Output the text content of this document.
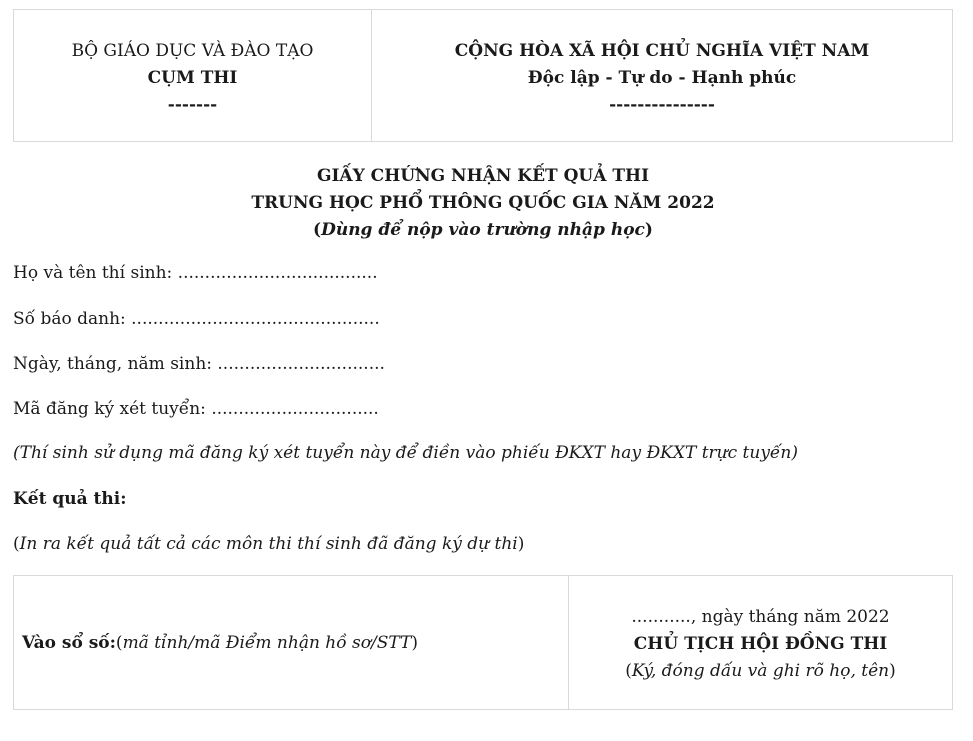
BỘ GIÁO DỤC VÀ ĐÀO TẠO
CỤM THI
-------
CỘNG HÒA XÃ HỘI CHỦ NGHĨA VIỆT NAM
Độc lập - Tự do - Hạnh phúc
---------------
GIẤY CHỨNG NHẬN KẾT QUẢ THI
TRUNG HỌC PHỔ THÔNG QUỐC GIA NĂM 2022
(Dùng để nộp vào trường nhập học)
Họ và tên thí sinh: .....................................
Số báo danh: ..............................................
Ngày, tháng, năm sinh: ...............................
Mã đăng ký xét tuyển: ...............................
(Thí sinh sử dụng mã đăng ký xét tuyển này để điền vào phiếu ĐKXT hay ĐKXT trực tuyến)
Kết quả thi:
(In ra kết quả tất cả các môn thi thí sinh đã đăng ký dự thi)
Vào sổ số: ( mã tỉnh/mã Điểm nhận hồ sơ/STT )
..........., ngày tháng năm 2022
CHỦ TỊCH HỘI ĐỒNG THI
(Ký, đóng dấu và ghi rõ họ, tên)
